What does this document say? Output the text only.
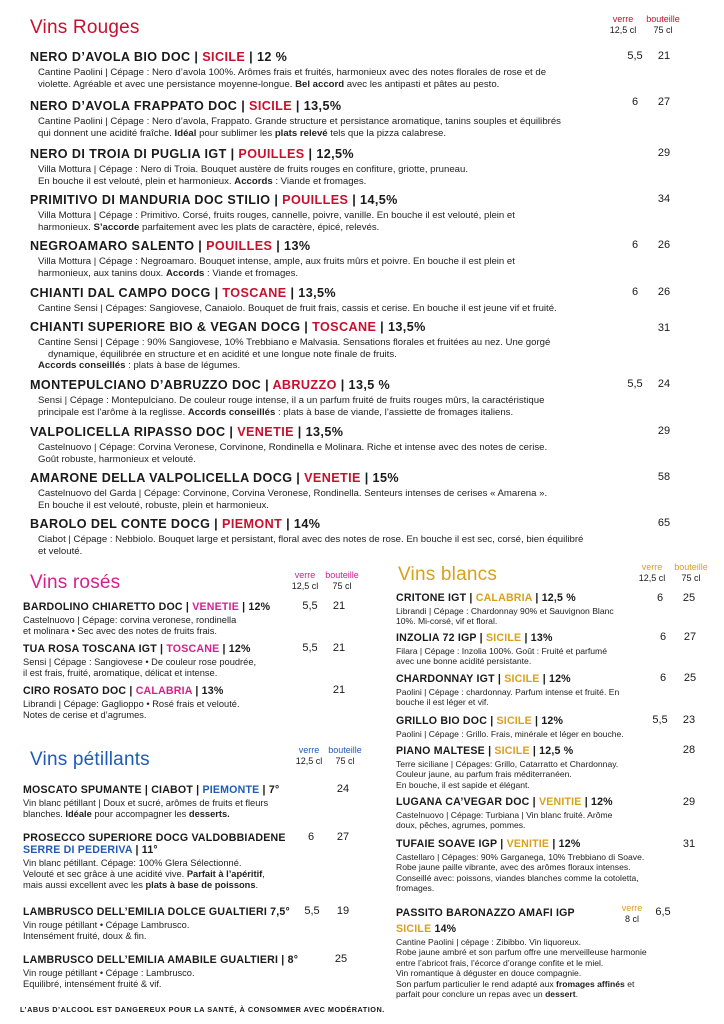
Vins Rouges	verre
12,5 cl
bouteille
75 cl
NERO D’AVOLA BIO DOC | SICILE | 12 %
Cantine Paolini | Cépage : Nero d’avola 100%. Arômes frais et fruités, harmonieux avec des notes florales de rose et de
violette. Agréable et avec une persistance moyenne-longue. Bel accord avec les antipasti et pâtes au pesto.
5,5	21
NERO D’AVOLA FRAPPATO DOC | SICILE | 13,5%
Cantine Paolini | Cépage : Nero d’avola, Frappato. Grande structure et persistance aromatique, tanins souples et équilibrés
qui donnent une acidité fraîche. Idéal pour sublimer les plats relevé tels que la pizza calabrese.
6	27
NERO DI TROIA DI PUGLIA IGT | POUILLES | 12,5%
Villa Mottura | Cépage : Nero di Troia. Bouquet austère de fruits rouges en confiture, griotte, pruneau.
En bouche il est velouté, plein et harmonieux. Accords : Viande et fromages.
29
PRIMITIVO DI MANDURIA DOC STILIO | POUILLES | 14,5%
Villa Mottura | Cépage : Primitivo. Corsé, fruits rouges, cannelle, poivre, vanille. En bouche il est velouté, plein et
harmonieux. S’accorde parfaitement avec les plats de caractère, épicé, relevés.
34
NEGROAMARO SALENTO | POUILLES | 13%
Villa Mottura | Cépage : Negroamaro. Bouquet intense, ample, aux fruits mûrs et poivre. En bouche il est plein et
harmonieux, aux tanins doux. Accords : Viande et fromages.
6	26
CHIANTI DAL CAMPO DOCG | TOSCANE | 13,5%
Cantine Sensi | Cépages: Sangiovese, Canaiolo. Bouquet de fruit frais, cassis et cerise. En bouche il est jeune vif et fruité.
6	26
CHIANTI SUPERIORE BIO & VEGAN DOCG | TOSCANE | 13,5%
Cantine Sensi | Cépage : 90% Sangiovese, 10% Trebbiano e Malvasia. Sensations florales et fruitées au nez. Une gorgé
dynamique, équilibrée en structure et en acidité et une longue note finale de fruits.
Accords conseillés : plats à base de légumes.
31
MONTEPULCIANO D’ABRUZZO DOC | ABRUZZO | 13,5 %
Sensi | Cépage : Montepulciano. De couleur rouge intense, il a un parfum fruité de fruits rouges mûrs, la caractéristique
principale est l’arôme à la reglisse. Accords conseillés : plats à base de viande, l’assiette de fromages italiens.
5,5	24
VALPOLICELLA RIPASSO DOC | VENETIE | 13,5%
Castelnuovo | Cépage: Corvina Veronese, Corvinone, Rondinella e Molinara. Riche et intense avec des notes de cerise.
Goût robuste, harmonieux et velouté.
29
AMARONE DELLA VALPOLICELLA DOCG | VENETIE | 15%
Castelnuovo del Garda | Cépage: Corvinone, Corvina Veronese, Rondinella. Senteurs intenses de cerises « Amarena ».
En bouche il est velouté, robuste, plein et harmonieux.
58
BAROLO DEL CONTE DOCG | PIEMONT | 14%
Ciabot | Cépage : Nebbiolo. Bouquet large et persistant, floral avec des notes de rose. En bouche il est sec, corsé, bien équilibré
et velouté.
65
Vins rosés	verre
12,5 cl
bouteille
75 cl
BARDOLINO CHIARETTO DOC | VENETIE | 12%
Castelnuovo | Cépage: corvina veronese, rondinella
et molinara • Sec avec des notes de fruits frais.
5,5	21
TUA ROSA TOSCANA IGT | TOSCANE | 12%
Sensi | Cépage : Sangiovese • De couleur rose poudrée,
il est frais, fruité, aromatique, délicat et intense.
5,5	21
CIRO ROSATO DOC | CALABRIA | 13%
Librandi | Cépage: Gaglioppo • Rosé frais et velouté.
Notes de cerise et d’agrumes.
21
Vins pétillants	verre
12,5 cl
bouteille
75 cl
MOSCATO SPUMANTE | CIABOT | PIEMONTE | 7°
Vin blanc pétillant | Doux et sucré, arômes de fruits et fleurs
blanches. Idéale pour accompagner les desserts.
24
PROSECCO SUPERIORE DOCG VALDOBBIADENE
SERRE DI PEDERIVA | 11°
Vin blanc pétillant. Cépage: 100% Glera Sélectionné.
Velouté et sec grâce à une acidité vive. Parfait à l’apéritif,
mais aussi excellent avec les plats à base de poissons.
6	27
LAMBRUSCO DELL’EMILIA DOLCE GUALTIERI 7,5°
Vin rouge pétillant • Cépage Lambrusco.
Intensément fruité, doux & fin.
5,5	19
LAMBRUSCO DELL’EMILIA AMABILE GUALTIERI | 8°
Vin rouge pétillant • Cépage : Lambrusco.
Equilibré, intensément fruité & vif.
25
Vins blancs	verre
12,5 cl
bouteille
75 cl
CRITONE IGT | CALABRIA | 12,5 %
Librandi | Cépage : Chardonnay 90% et Sauvignon Blanc
10%. Mi-corsé, vif et floral.
6	25
INZOLIA 72 IGP | SICILE | 13%
Filara | Cépage : Inzolia 100%. Goût : Fruité et parfumé
avec une bonne acidité persistante.
6	27
CHARDONNAY IGT | SICILE | 12%
Paolini | Cépage : chardonnay. Parfum intense et fruité. En
bouche il est léger et vif.
6	25
GRILLO BIO DOC | SICILE | 12%
Paolini | Cépage : Grillo. Frais, minérale et léger en bouche.
5,5	23
PIANO MALTESE | SICILE | 12,5 %
Terre siciliane | Cépages: Grillo, Catarratto et Chardonnay.
Couleur jaune, au parfum frais méditerranéen.
En bouche, il est sapide et élégant.
28
LUGANA CA’VEGAR DOC | VENITIE | 12%
Castelnuovo | Cépage: Turbiana | Vin blanc fruité. Arôme
doux, pêches, agrumes, pommes.
29
TUFAIE SOAVE IGP | VENITIE | 12%
Castellaro | Cépages: 90% Garganega, 10% Trebbiano di Soave.
Robe jaune paille vibrante, avec des arômes floraux intenses.
Conseillé avec: poissons, viandes blanches comme la cotoletta,
fromages.
31
PASSITO BARONAZZO AMAFI IGP
SICILE 14%
Cantine Paolini | cépage : Zibibbo. Vin liquoreux.
Robe jaune ambré et son parfum offre une merveilleuse harmonie
entre l’abricot frais, l’écorce d’orange confite et le miel.
Vin romantique à déguster en douce compagnie.
Son parfum particulier le rend adapté aux fromages affinés et
parfait pour conclure un repas avec un dessert.
verre
8 cl
6,5
L’ABUS D’ALCOOL EST DANGEREUX POUR LA SANTÉ, À CONSOMMER AVEC MODÉRATION.
